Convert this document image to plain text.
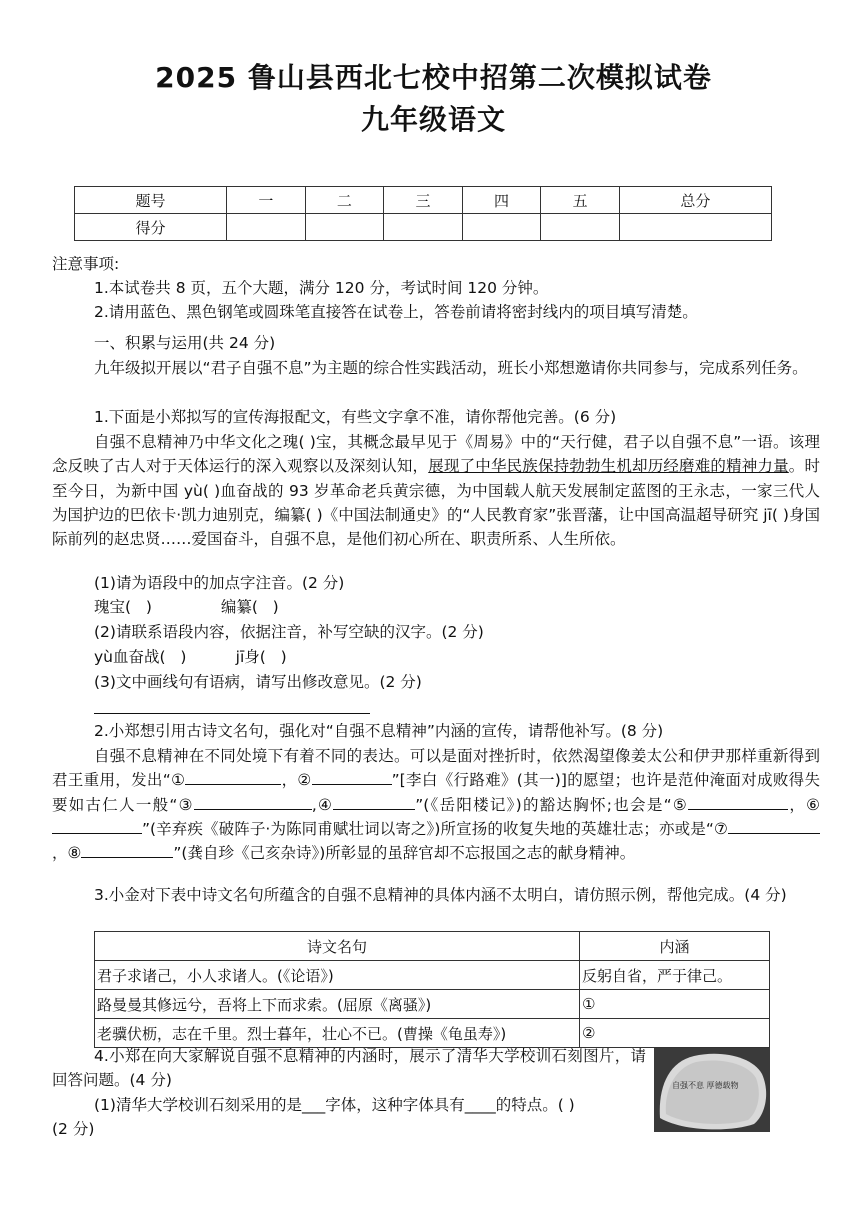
2025 鲁山县西北七校中招第二次模拟试卷
九年级语文
题号	一	二	三	四	五	总分
得分						
注意事项:
1.本试卷共 8 页，五个大题，满分 120 分，考试时间 120 分钟。
2.请用蓝色、黑色钢笔或圆珠笔直接答在试卷上，答卷前请将密封线内的项目填写清楚。
一、积累与运用(共 24 分)
九年级拟开展以“君子自强不息”为主题的综合性实践活动，班长小郑想邀请你共同参与，完成系列任务。
1.下面是小郑拟写的宣传海报配文，有些文字拿不准，请你帮他完善。(6 分)
自强不息精神乃中华文化之瑰( )宝，其概念最早见于《周易》中的“天行健，君子以自强不息”一语。该理念反映了古人对于天体运行的深入观察以及深刻认知，展现了中华民族保持勃勃生机却历经磨难的精神力量。时至今日，为新中国 yù( )血奋战的 93 岁革命老兵黄宗德，为中国载人航天发展制定蓝图的王永志，一家三代人为国护边的巴依卡·凯力迪别克，编纂( )《中国法制通史》的“人民教育家”张晋藩，让中国高温超导研究 jī( )身国际前列的赵忠贤……爱国奋斗，自强不息，是他们初心所在、职责所系、人生所依。
(1)请为语段中的加点字注音。(2 分)
瑰宝(   )              编纂(   )
(2)请联系语段内容，依据注音，补写空缺的汉字。(2 分)
yù血奋战(   )          jī身(   )
(3)文中画线句有语病，请写出修改意见。(2 分)
2.小郑想引用古诗文名句，强化对“自强不息精神”内涵的宣传，请帮他补写。(8 分)
自强不息精神在不同处境下有着不同的表达。可以是面对挫折时，依然渴望像姜太公和伊尹那样重新得到君王重用，发出“①	，②	”[李白《行路难》(其一)]的愿望；也许是范仲淹面对成败得失要如古仁人一般“③	,④	”(《岳阳楼记》)的豁达胸怀;也会是“⑤	，⑥”(辛弃疾《破阵子·为陈同甫赋壮词以寄之》)所宣扬的收复失地的英雄壮志；亦或是“⑦，⑧	”(龚自珍《己亥杂诗》)所彰显的虽辞官却不忘报国之志的献身精神。
3.小金对下表中诗文名句所蕴含的自强不息精神的具体内涵不太明白，请仿照示例，帮他完成。(4 分)
诗文名句	内涵
君子求诸己，小人求诸人。(《论语》)	反躬自省，严于律己。
路曼曼其修远兮，吾将上下而求索。(屈原《离骚》)	①
老骥伏枥，志在千里。烈士暮年，壮心不已。(曹操《龟虽寿》)	②
4.小郑在向大家解说自强不息精神的内涵时，展示了清华大学校训石刻图片，请回答问题。(4 分)
(1)清华大学校训石刻采用的是___字体，这种字体具有____的特点。( )
(2 分)
自强不息 厚德载物
